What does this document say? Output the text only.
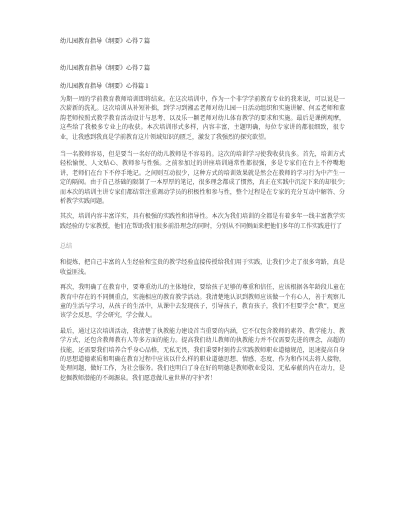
幼儿园教育指导《纲要》心得７篇

幼儿园教育指导《纲要》心得７篇

幼儿园教育指导《纲要》心得篇１

为期一周的学前教育教师培训即将结束。在这次培训中，作为一个非学学前教育专业的我来说，可以说是一次崭新的洗礼。这次培训从补短补拙，到学习到湘孟老师对幼儿园一日活动组织和实施讲解、何孟老师和董韵老师按照式教学教育活动设计与思考、以及乐一颖老师对幼儿体育教学的要求和实施。最后是课例观摩，这些给了我极多专业上的收获。本次培训形式多样，内容丰富，主题明确，每位专家讲的都很细致，很专业，让我感到我真是学前教育这片领域知识的匮乏，激发了我强烈的探究欲望。

当一名教师容易，但是要当一名好的幼儿教师是不容易的。这次的培训学习使我收获良多。首先，培训方式轻松愉悦、人文贴心、教师参与性强。之前参加过的讲座培训通常性都很强，多是专家们在台上不停嘴地讲，老师们在台下不停手地记。之间则互动很少，这种方式的培训效果就是然会在教师的学习行为中产生一定的隔阂。由于自己基础的限制了一本厚厚的笔记，很多理念都成了惯然，真正在实践中沉淀下来的却很少;而本次的培训主讲专家们都结常注重调动学员的积极性和参与性，整个过程是在专家的充分互动中解答、分析教学实践问题。

其次，培训内容丰富详实，具有极强的实践性和指导性。本次为我们培训的全都是有着多年一线丰富教学实践经验的专家教授，他们在帮助我们很多前沿理念的同时，分别从不同侧面来把他们多年的工作实践进行了

总结

和提炼，把自己丰富的人生经验和宝贵的教学经验直接传授给我们用于实践，让我们少走了很多弯路，真是收益匪浅。

再次，我明确了在教育中，要尊重幼儿的主体地位，要给孩子足够的尊重和信任，应该根据各年龄段儿童在教育中存在的不同侧重点，实施相应的教育教学活动。我清楚地认识到教师应该做一个有心人，善于观察儿童的生活与学习，从孩子的生活中，从课中去发现孩子，引导孩子，教育孩子，我们不但要学会“教”，更应该学会反思，学会研究，学会做人。

最后，通过这次培训活动，我清楚了执教能力建设首当重要的内涵，它不仅包含教师的素养、教学能力、教学方式，还包含教师教有人等多方面的能力。提高我们幼儿教师的执教能力并不仅需要先进的理念，高超的技能，还需要我们培养合乎身心品格，无私无畏，我们秉要时刻持去实践教师职业道德规范，迅速提高自身的思想道德素质和明确在教育过程中应该以什么样的职业道德思想、情感、态度、作为和作风去将人接物，处理问题，做好工作，为社会服务。我们也明白了身在好的明德是教师敬业爱岗、无私奉献的内在动力，是挖掘教师潜能的不竭源泉。我们愿意做儿童世界的守护者！
